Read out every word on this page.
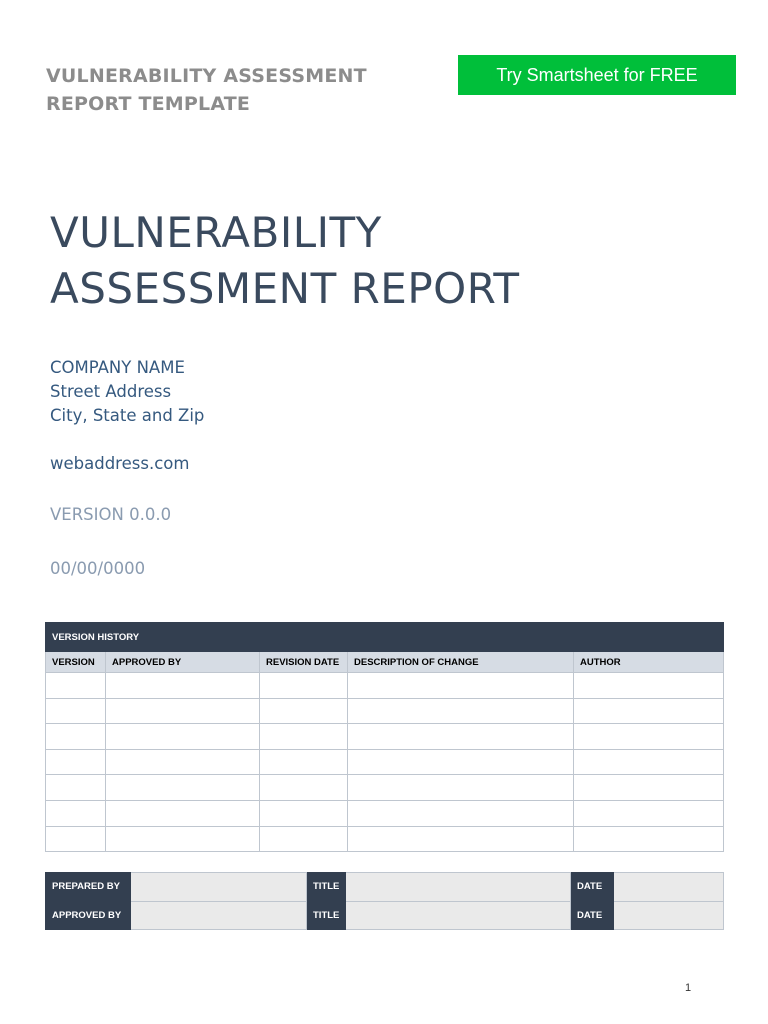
VULNERABILITY ASSESSMENT REPORT TEMPLATE
Try Smartsheet for FREE
VULNERABILITY
ASSESSMENT REPORT
COMPANY NAME
Street Address
City, State and Zip
webaddress.com
VERSION 0.0.0
00/00/0000
VERSION HISTORY				
VERSION	APPROVED BY	REVISION DATE	DESCRIPTION OF CHANGE	AUTHOR

PREPARED BY		TITLE		DATE	
APPROVED BY		TITLE		DATE	
1
